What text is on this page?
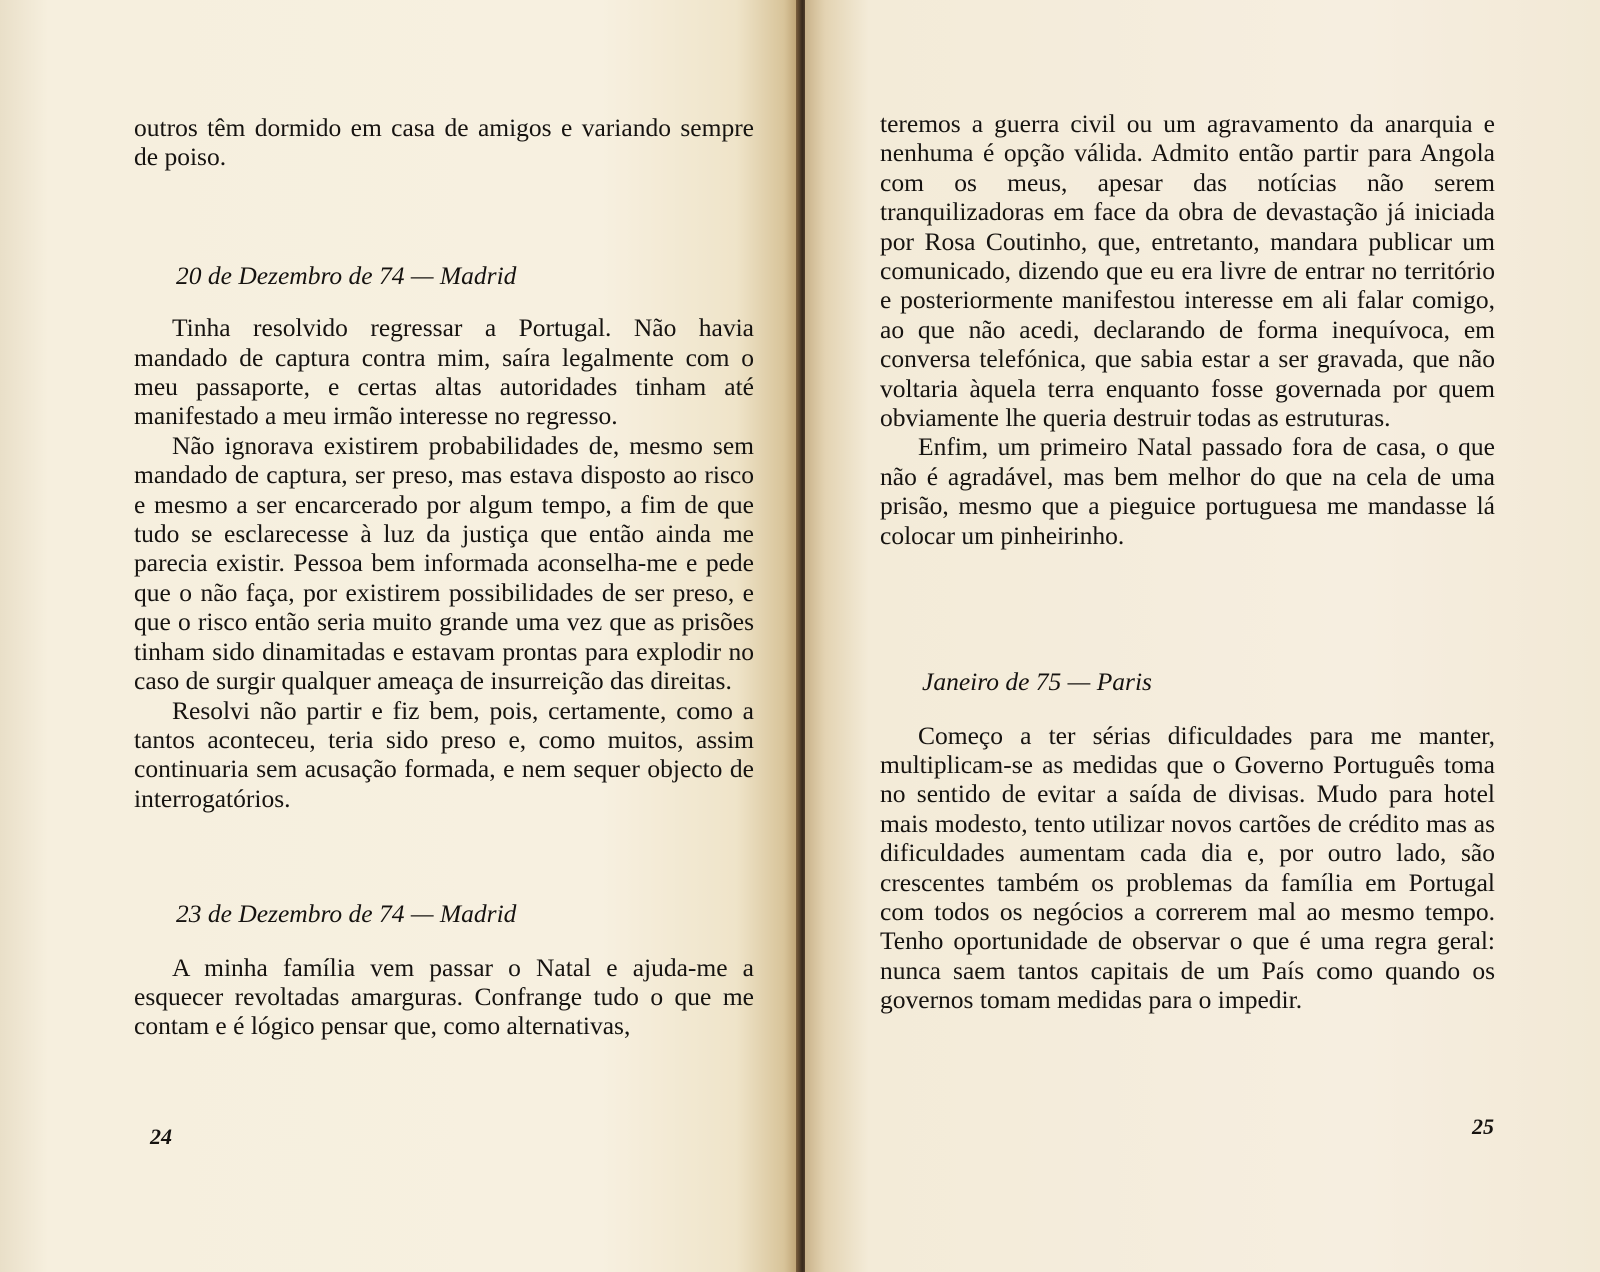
outros têm dormido em casa de amigos e variando sempre de poiso.

20 de Dezembro de 74 — Madrid

Tinha resolvido regressar a Portugal. Não havia mandado de captura contra mim, saíra legalmente com o meu passaporte, e certas altas autoridades tinham até manifestado a meu irmão interesse no regresso.

Não ignorava existirem probabilidades de, mesmo sem mandado de captura, ser preso, mas estava disposto ao risco e mesmo a ser encarcerado por algum tempo, a fim de que tudo se esclarecesse à luz da justiça que então ainda me parecia existir. Pessoa bem informada aconselha-me e pede que o não faça, por existirem possibilidades de ser preso, e que o risco então seria muito grande uma vez que as prisões tinham sido dinamitadas e estavam prontas para explodir no caso de surgir qualquer ameaça de insurreição das direitas.

Resolvi não partir e fiz bem, pois, certamente, como a tantos aconteceu, teria sido preso e, como muitos, assim continuaria sem acusação formada, e nem sequer objecto de interrogatórios.

23 de Dezembro de 74 — Madrid

A minha família vem passar o Natal e ajuda-me a esquecer revoltadas amarguras. Confrange tudo o que me contam e é lógico pensar que, como alternativas,

24

teremos a guerra civil ou um agravamento da anarquia e nenhuma é opção válida. Admito então partir para Angola com os meus, apesar das notícias não serem tranquilizadoras em face da obra de devastação já iniciada por Rosa Coutinho, que, entretanto, mandara publicar um comunicado, dizendo que eu era livre de entrar no território e posteriormente manifestou interesse em ali falar comigo, ao que não acedi, declarando de forma inequívoca, em conversa telefónica, que sabia estar a ser gravada, que não voltaria àquela terra enquanto fosse governada por quem obviamente lhe queria destruir todas as estruturas.

Enfim, um primeiro Natal passado fora de casa, o que não é agradável, mas bem melhor do que na cela de uma prisão, mesmo que a pieguice portuguesa me mandasse lá colocar um pinheirinho.

Janeiro de 75 — Paris

Começo a ter sérias dificuldades para me manter, multiplicam-se as medidas que o Governo Português toma no sentido de evitar a saída de divisas. Mudo para hotel mais modesto, tento utilizar novos cartões de crédito mas as dificuldades aumentam cada dia e, por outro lado, são crescentes também os problemas da família em Portugal com todos os negócios a correrem mal ao mesmo tempo. Tenho oportunidade de observar o que é uma regra geral: nunca saem tantos capitais de um País como quando os governos tomam medidas para o impedir.

25
